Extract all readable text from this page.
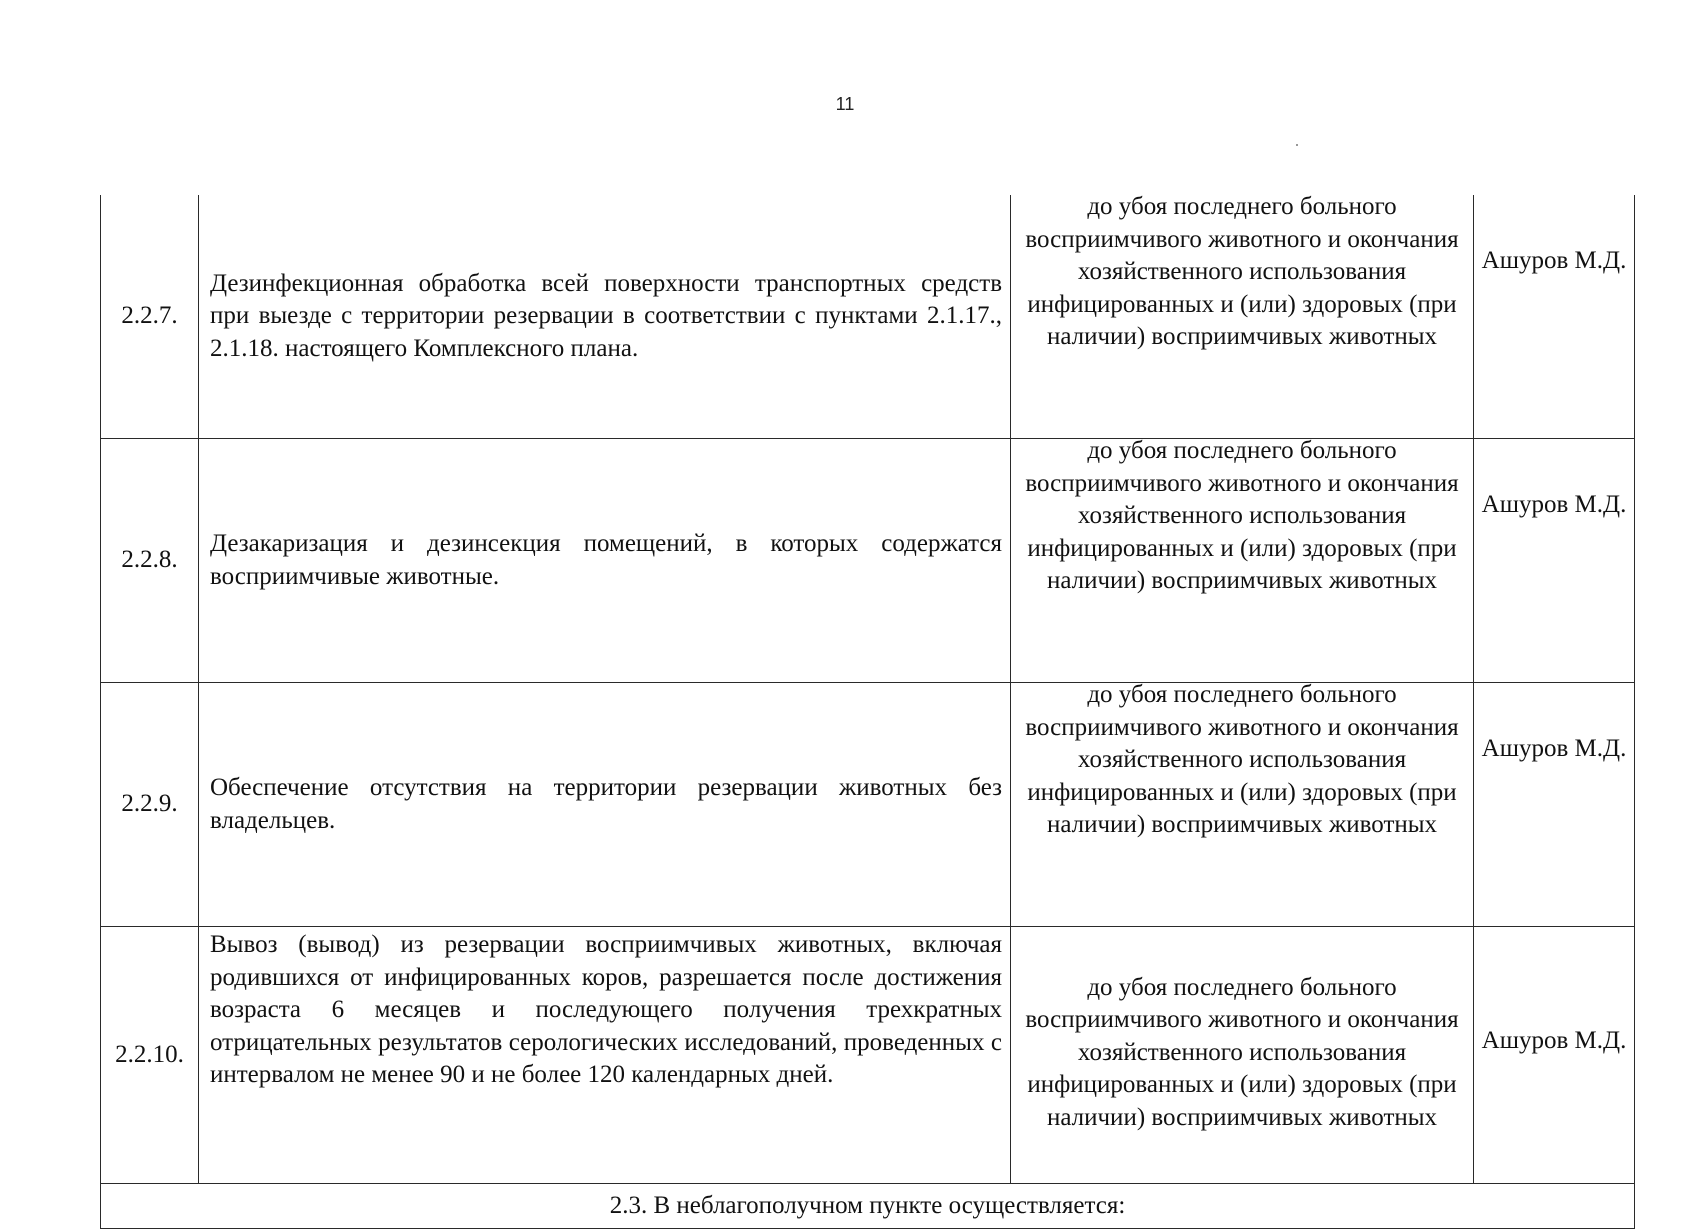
11
2.2.7.	Дезинфекционная обработка всей поверхности транспортных средств при выезде с территории резервации в соответствии с пунктами 2.1.17., 2.1.18. настоящего Комплексного плана.	до убоя последнего больного восприимчивого животного и окончания хозяйственного использования инфицированных и (или) здоровых (при наличии) восприимчивых животных	Ашуров М.Д.
2.2.8.	Дезакаризация и дезинсекция помещений, в которых содержатся восприимчивые животные.	до убоя последнего больного восприимчивого животного и окончания хозяйственного использования инфицированных и (или) здоровых (при наличии) восприимчивых животных	Ашуров М.Д.
2.2.9.	Обеспечение отсутствия на территории резервации животных без владельцев.	до убоя последнего больного восприимчивого животного и окончания хозяйственного использования инфицированных и (или) здоровых (при наличии) восприимчивых животных	Ашуров М.Д.
2.2.10.	Вывоз (вывод) из резервации восприимчивых животных, включая родившихся от инфицированных коров, разрешается после достижения возраста 6 месяцев и последующего получения трехкратных отрицательных результатов серологических исследований, проведенных с интервалом не менее 90 и не более 120 календарных дней.	до убоя последнего больного восприимчивого животного и окончания хозяйственного использования инфицированных и (или) здоровых (при наличии) восприимчивых животных	Ашуров М.Д.
2.3. В неблагополучном пункте осуществляется:			
